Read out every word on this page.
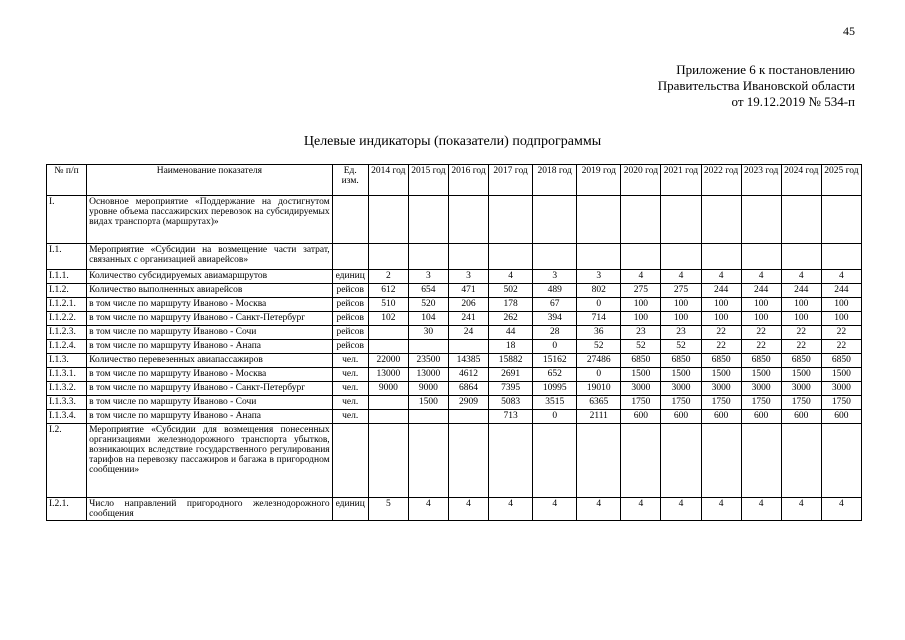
45
Приложение 6 к постановлению
Правительства Ивановской области
от 19.12.2019 № 534-п
Целевые индикаторы (показатели) подпрограммы
№ п/п	Наименование показателя	Ед. изм.	2014 год	2015 год	2016 год	2017 год	2018 год	2019 год	2020 год	2021 год	2022 год	2023 год	2024 год	2025 год
I.	Основное мероприятие «Поддержание на достигнутом уровне объема пассажирских перевозок на субсидируемых видах транспорта (маршрутах)»													
I.1.	Мероприятие «Субсидии на возмещение части затрат, связанных с организацией авиарейсов»													
I.1.1.	Количество субсидируемых авиамаршрутов	единиц	2	3	3	4	3	3	4	4	4	4	4	4
I.1.2.	Количество выполненных авиарейсов	рейсов	612	654	471	502	489	802	275	275	244	244	244	244
I.1.2.1.	в том числе по маршруту Иваново - Москва	рейсов	510	520	206	178	67	0	100	100	100	100	100	100
I.1.2.2.	в том числе по маршруту Иваново - Санкт-Петербург	рейсов	102	104	241	262	394	714	100	100	100	100	100	100
I.1.2.3.	в том числе по маршруту Иваново - Сочи	рейсов		30	24	44	28	36	23	23	22	22	22	22
I.1.2.4.	в том числе по маршруту Иваново - Анапа	рейсов				18	0	52	52	52	22	22	22	22
I.1.3.	Количество перевезенных авиапассажиров	чел.	22000	23500	14385	15882	15162	27486	6850	6850	6850	6850	6850	6850
I.1.3.1.	в том числе по маршруту Иваново - Москва	чел.	13000	13000	4612	2691	652	0	1500	1500	1500	1500	1500	1500
I.1.3.2.	в том числе по маршруту Иваново - Санкт-Петербург	чел.	9000	9000	6864	7395	10995	19010	3000	3000	3000	3000	3000	3000
I.1.3.3.	в том числе по маршруту Иваново - Сочи	чел.		1500	2909	5083	3515	6365	1750	1750	1750	1750	1750	1750
I.1.3.4.	в том числе по маршруту Иваново - Анапа	чел.				713	0	2111	600	600	600	600	600	600
I.2.	Мероприятие «Субсидии для возмещения понесенных организациями железнодорожного транспорта убытков, возникающих вследствие государственного регулирования тарифов на перевозку пассажиров и багажа в пригородном сообщении»													
I.2.1.	Число направлений пригородного железнодорожного сообщения	единиц	5	4	4	4	4	4	4	4	4	4	4	4
